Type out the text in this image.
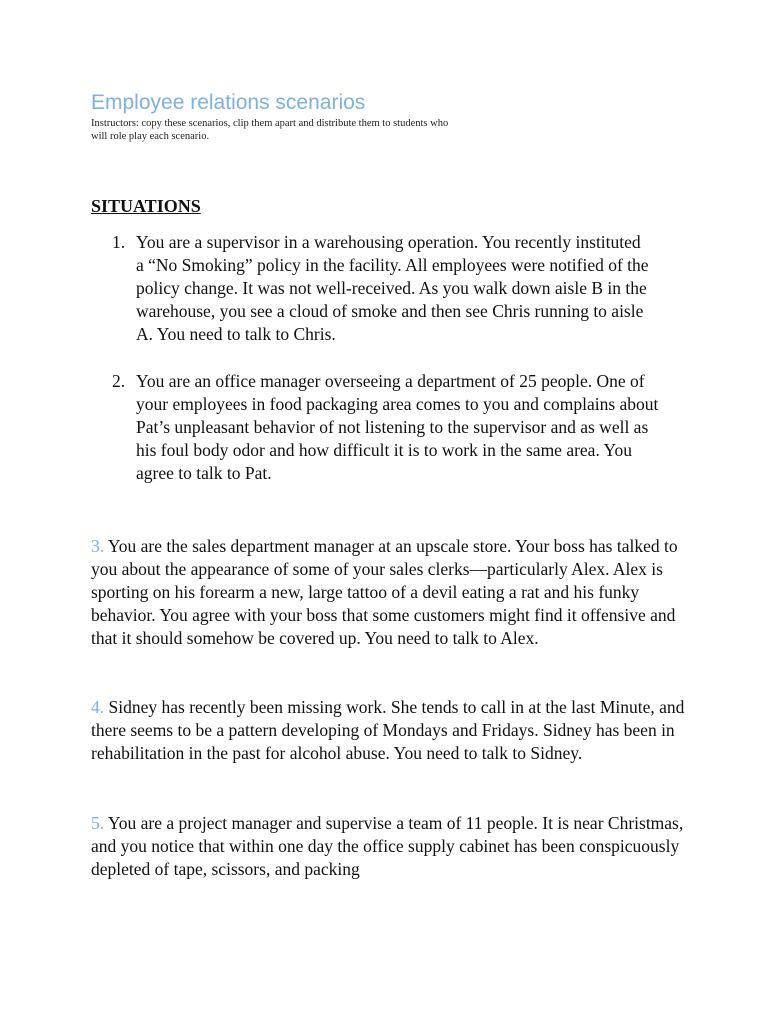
Employee relations scenarios

Instructors: copy these scenarios, clip them apart and distribute them to students who will role play each scenario.

SITUATIONS
1. You are a supervisor in a warehousing operation. You recently instituted a “No Smoking” policy in the facility. All employees were notified of the policy change. It was not well-received. As you walk down aisle B in the warehouse, you see a cloud of smoke and then see Chris running to aisle A. You need to talk to Chris.
2. You are an office manager overseeing a department of 25 people. One of your employees in food packaging area comes to you and complains about Pat’s unpleasant behavior of not listening to the supervisor and as well as his foul body odor and how difficult it is to work in the same area. You agree to talk to Pat.

3. You are the sales department manager at an upscale store. Your boss has talked to you about the appearance of some of your sales clerks—particularly Alex. Alex is sporting on his forearm a new, large tattoo of a devil eating a rat and his funky behavior. You agree with your boss that some customers might find it offensive and that it should somehow be covered up. You need to talk to Alex.

4. Sidney has recently been missing work. She tends to call in at the last Minute, and there seems to be a pattern developing of Mondays and Fridays. Sidney has been in rehabilitation in the past for alcohol abuse. You need to talk to Sidney.

5. You are a project manager and supervise a team of 11 people. It is near Christmas, and you notice that within one day the office supply cabinet has been conspicuously depleted of tape, scissors, and packing
